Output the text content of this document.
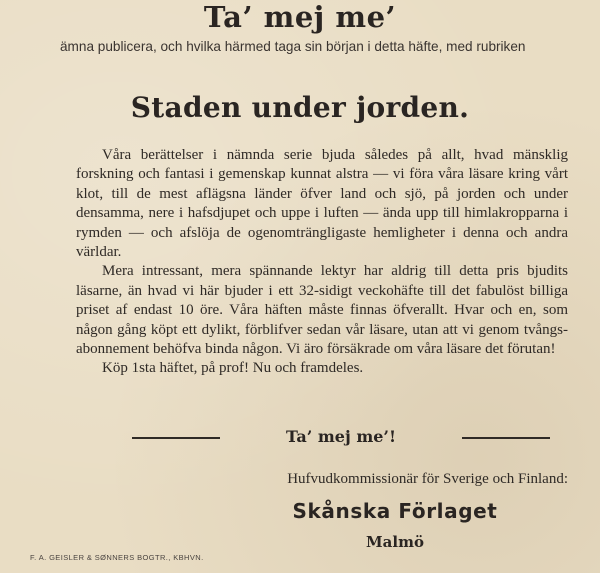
Ta’ mej me’
ämna publicera, och hvilka härmed taga sin början i detta häfte, med rubriken
Staden under jorden.

Våra berättelser i nämnda serie bjuda således på allt, hvad mänsklig forskning och fantasi i gemenskap kunnat alstra — vi föra våra läsare kring vårt klot, till de mest aflägsna länder öfver land och sjö, på jorden och under densamma, nere i hafsdjupet och uppe i luften — ända upp till himlakropparna i rymden — och afslöja de ogenomträngligaste hemligheter i denna och andra världar.

Mera intressant, mera spännande lektyr har aldrig till detta pris bjudits läsarne, än hvad vi här bjuder i ett 32-sidigt veckohäfte till det fabulöst billiga priset af endast 10 öre. Våra häften måste finnas öfverallt. Hvar och en, som någon gång köpt ett dylikt, förblifver sedan vår läsare, utan att vi genom tvångs-abonnement behöfva binda någon. Vi äro försäkrade om våra läsare det förutan!

Köp 1sta häftet, på prof! Nu och framdeles.

Ta’ mej me’!
Hufvudkommissionär för Sverige och Finland:
Skånska Förlaget
Malmö
F. A. GEISLER & SØNNERS BOGTR., KBHVN.
